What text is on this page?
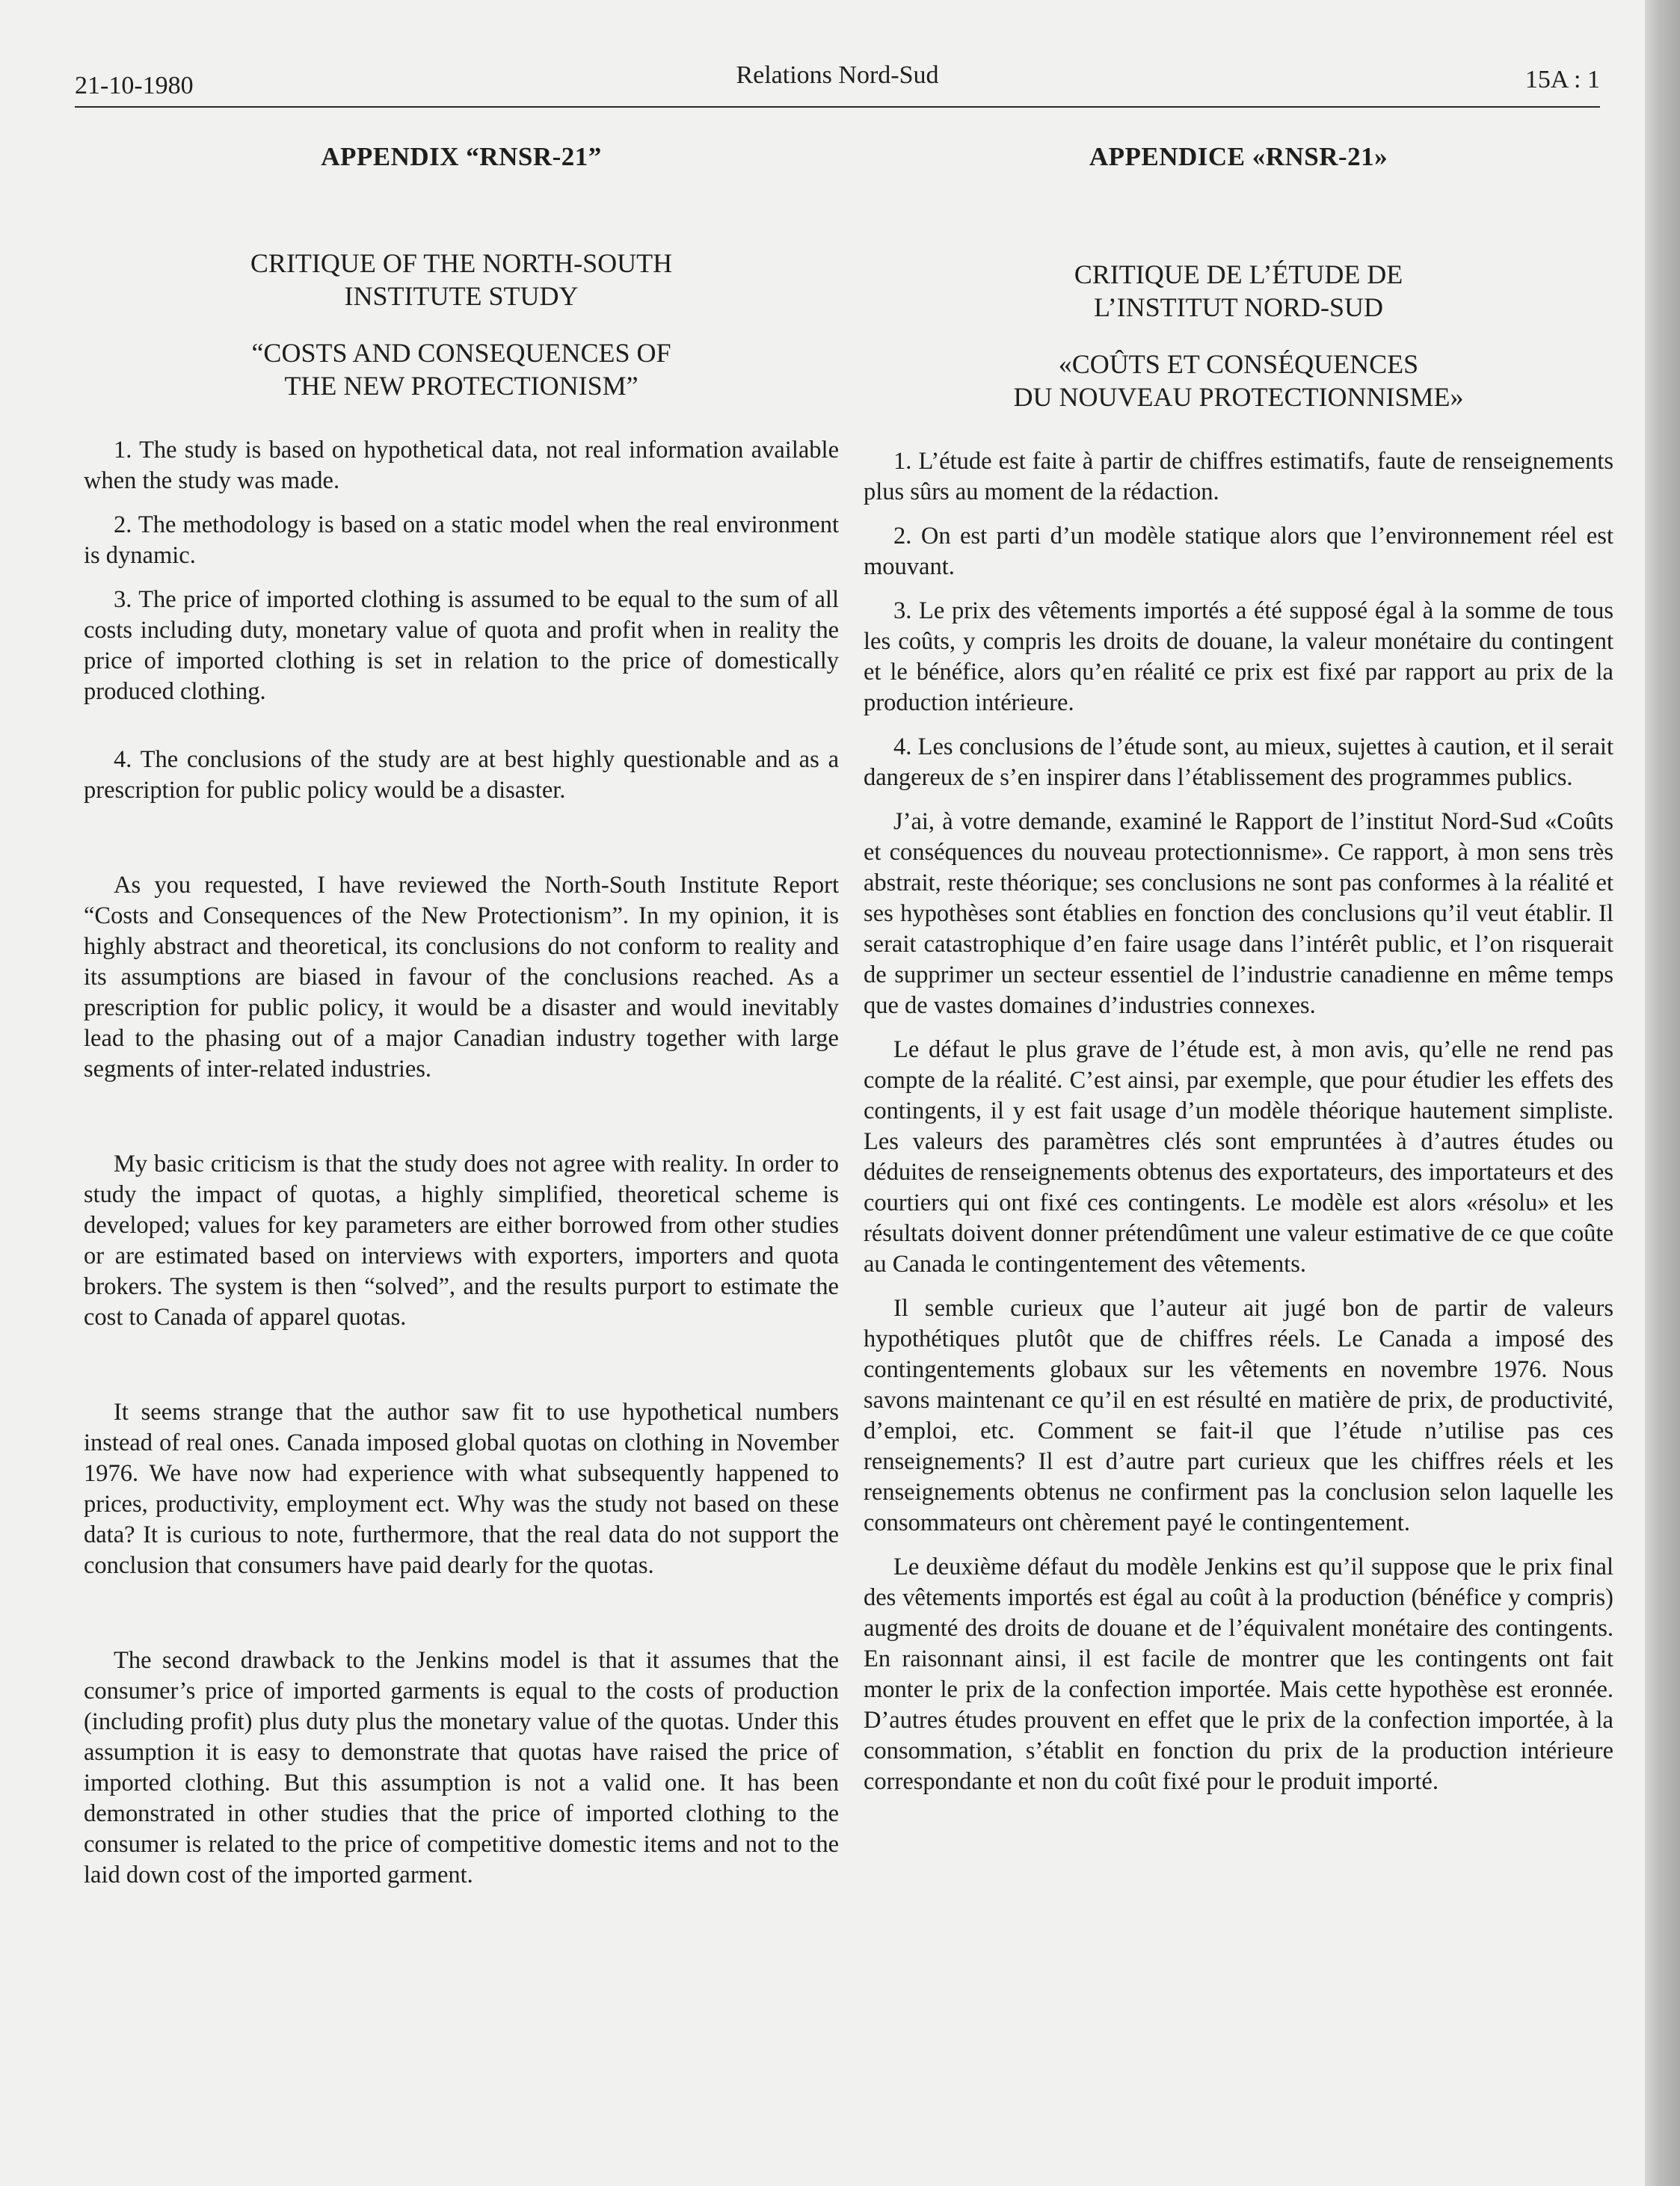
21-10-1980	Relations Nord-Sud	15A : 1
APPENDIX “RNSR-21”
CRITIQUE OF THE NORTH-SOUTH
INSTITUTE STUDY
“COSTS AND CONSEQUENCES OF
THE NEW PROTECTIONISM”

1. The study is based on hypothetical data, not real information available when the study was made.

2. The methodology is based on a static model when the real environment is dynamic.

3. The price of imported clothing is assumed to be equal to the sum of all costs including duty, monetary value of quota and profit when in reality the price of imported clothing is set in relation to the price of domestically produced clothing.

4. The conclusions of the study are at best highly questionable and as a prescription for public policy would be a disaster.

As you requested, I have reviewed the North-South Institute Report “Costs and Consequences of the New Protectionism”. In my opinion, it is highly abstract and theoretical, its conclusions do not conform to reality and its assumptions are biased in favour of the conclusions reached. As a prescription for public policy, it would be a disaster and would inevitably lead to the phasing out of a major Canadian industry together with large segments of inter-related industries.

My basic criticism is that the study does not agree with reality. In order to study the impact of quotas, a highly simplified, theoretical scheme is developed; values for key parameters are either borrowed from other studies or are estimated based on interviews with exporters, importers and quota brokers. The system is then “solved”, and the results purport to estimate the cost to Canada of apparel quotas.

It seems strange that the author saw fit to use hypothetical numbers instead of real ones. Canada imposed global quotas on clothing in November 1976. We have now had experience with what subsequently happened to prices, productivity, employment ect. Why was the study not based on these data? It is curious to note, furthermore, that the real data do not support the conclusion that consumers have paid dearly for the quotas.

The second drawback to the Jenkins model is that it assumes that the consumer’s price of imported garments is equal to the costs of production (including profit) plus duty plus the monetary value of the quotas. Under this assumption it is easy to demonstrate that quotas have raised the price of imported clothing. But this assumption is not a valid one. It has been demonstrated in other studies that the price of imported clothing to the consumer is related to the price of competitive domestic items and not to the laid down cost of the imported garment.

APPENDICE «RNSR-21»
CRITIQUE DE L’ÉTUDE DE
L’INSTITUT NORD-SUD
«COÛTS ET CONSÉQUENCES
DU NOUVEAU PROTECTIONNISME»

1. L’étude est faite à partir de chiffres estimatifs, faute de renseignements plus sûrs au moment de la rédaction.

2. On est parti d’un modèle statique alors que l’environnement réel est mouvant.

3. Le prix des vêtements importés a été supposé égal à la somme de tous les coûts, y compris les droits de douane, la valeur monétaire du contingent et le bénéfice, alors qu’en réalité ce prix est fixé par rapport au prix de la production intérieure.

4. Les conclusions de l’étude sont, au mieux, sujettes à caution, et il serait dangereux de s’en inspirer dans l’établissement des programmes publics.

J’ai, à votre demande, examiné le Rapport de l’institut Nord-Sud «Coûts et conséquences du nouveau protectionnisme». Ce rapport, à mon sens très abstrait, reste théorique; ses conclusions ne sont pas conformes à la réalité et ses hypothèses sont établies en fonction des conclusions qu’il veut établir. Il serait catastrophique d’en faire usage dans l’intérêt public, et l’on risquerait de supprimer un secteur essentiel de l’industrie canadienne en même temps que de vastes domaines d’industries connexes.

Le défaut le plus grave de l’étude est, à mon avis, qu’elle ne rend pas compte de la réalité. C’est ainsi, par exemple, que pour étudier les effets des contingents, il y est fait usage d’un modèle théorique hautement simpliste. Les valeurs des paramètres clés sont empruntées à d’autres études ou déduites de renseignements obtenus des exportateurs, des importateurs et des courtiers qui ont fixé ces contingents. Le modèle est alors «résolu» et les résultats doivent donner prétendûment une valeur estimative de ce que coûte au Canada le contingentement des vêtements.

Il semble curieux que l’auteur ait jugé bon de partir de valeurs hypothétiques plutôt que de chiffres réels. Le Canada a imposé des contingentements globaux sur les vêtements en novembre 1976. Nous savons maintenant ce qu’il en est résulté en matière de prix, de productivité, d’emploi, etc. Comment se fait-il que l’étude n’utilise pas ces renseignements? Il est d’autre part curieux que les chiffres réels et les renseignements obtenus ne confirment pas la conclusion selon laquelle les consommateurs ont chèrement payé le contingentement.

Le deuxième défaut du modèle Jenkins est qu’il suppose que le prix final des vêtements importés est égal au coût à la production (bénéfice y compris) augmenté des droits de douane et de l’équivalent monétaire des contingents. En raisonnant ainsi, il est facile de montrer que les contingents ont fait monter le prix de la confection importée. Mais cette hypothèse est eronnée. D’autres études prouvent en effet que le prix de la confection importée, à la consommation, s’établit en fonction du prix de la production intérieure correspondante et non du coût fixé pour le produit importé.
